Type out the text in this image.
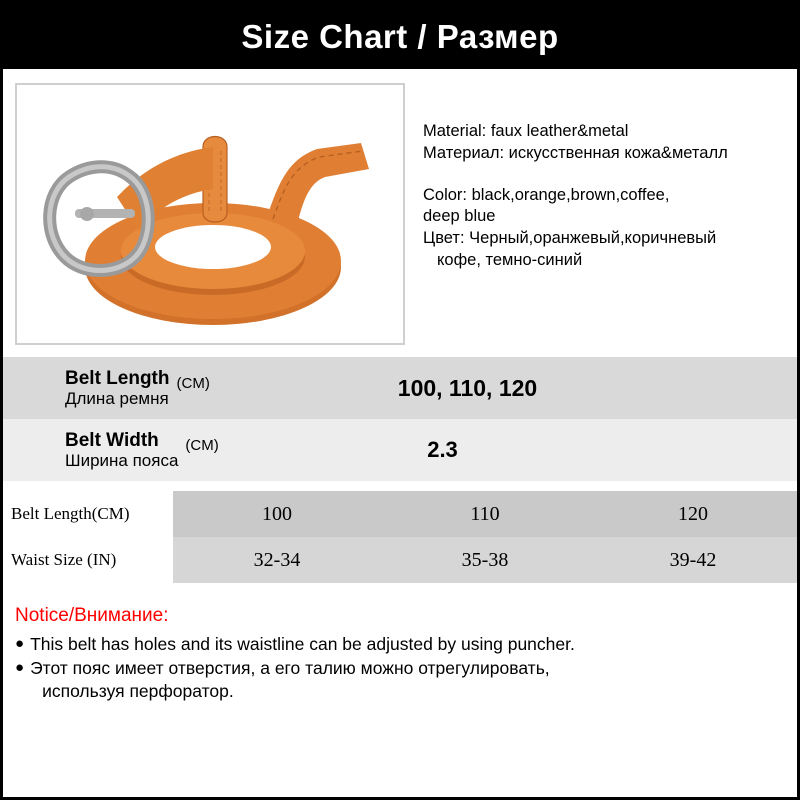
Size Chart / Размер
Material: faux leather&metal
Материал: искусственная кожа&металл
Color: black,orange,brown,coffee,
deep blue
Цвет: Черный,оранжевый,коричневый
кофе, темно-синий
Belt Length
Длина ремня
(CM)	100, 110, 120
Belt Width
Ширина пояса
(CM)	2.3
Belt Length(CM)	100	110	120
Waist Size (IN)	32-34	35-38	39-42
Notice/Внимание:
● This belt has holes and its waistline can be adjusted by using puncher.
● Этот пояс имеет отверстия, а его талию можно отрегулировать,
используя перфоратор.
